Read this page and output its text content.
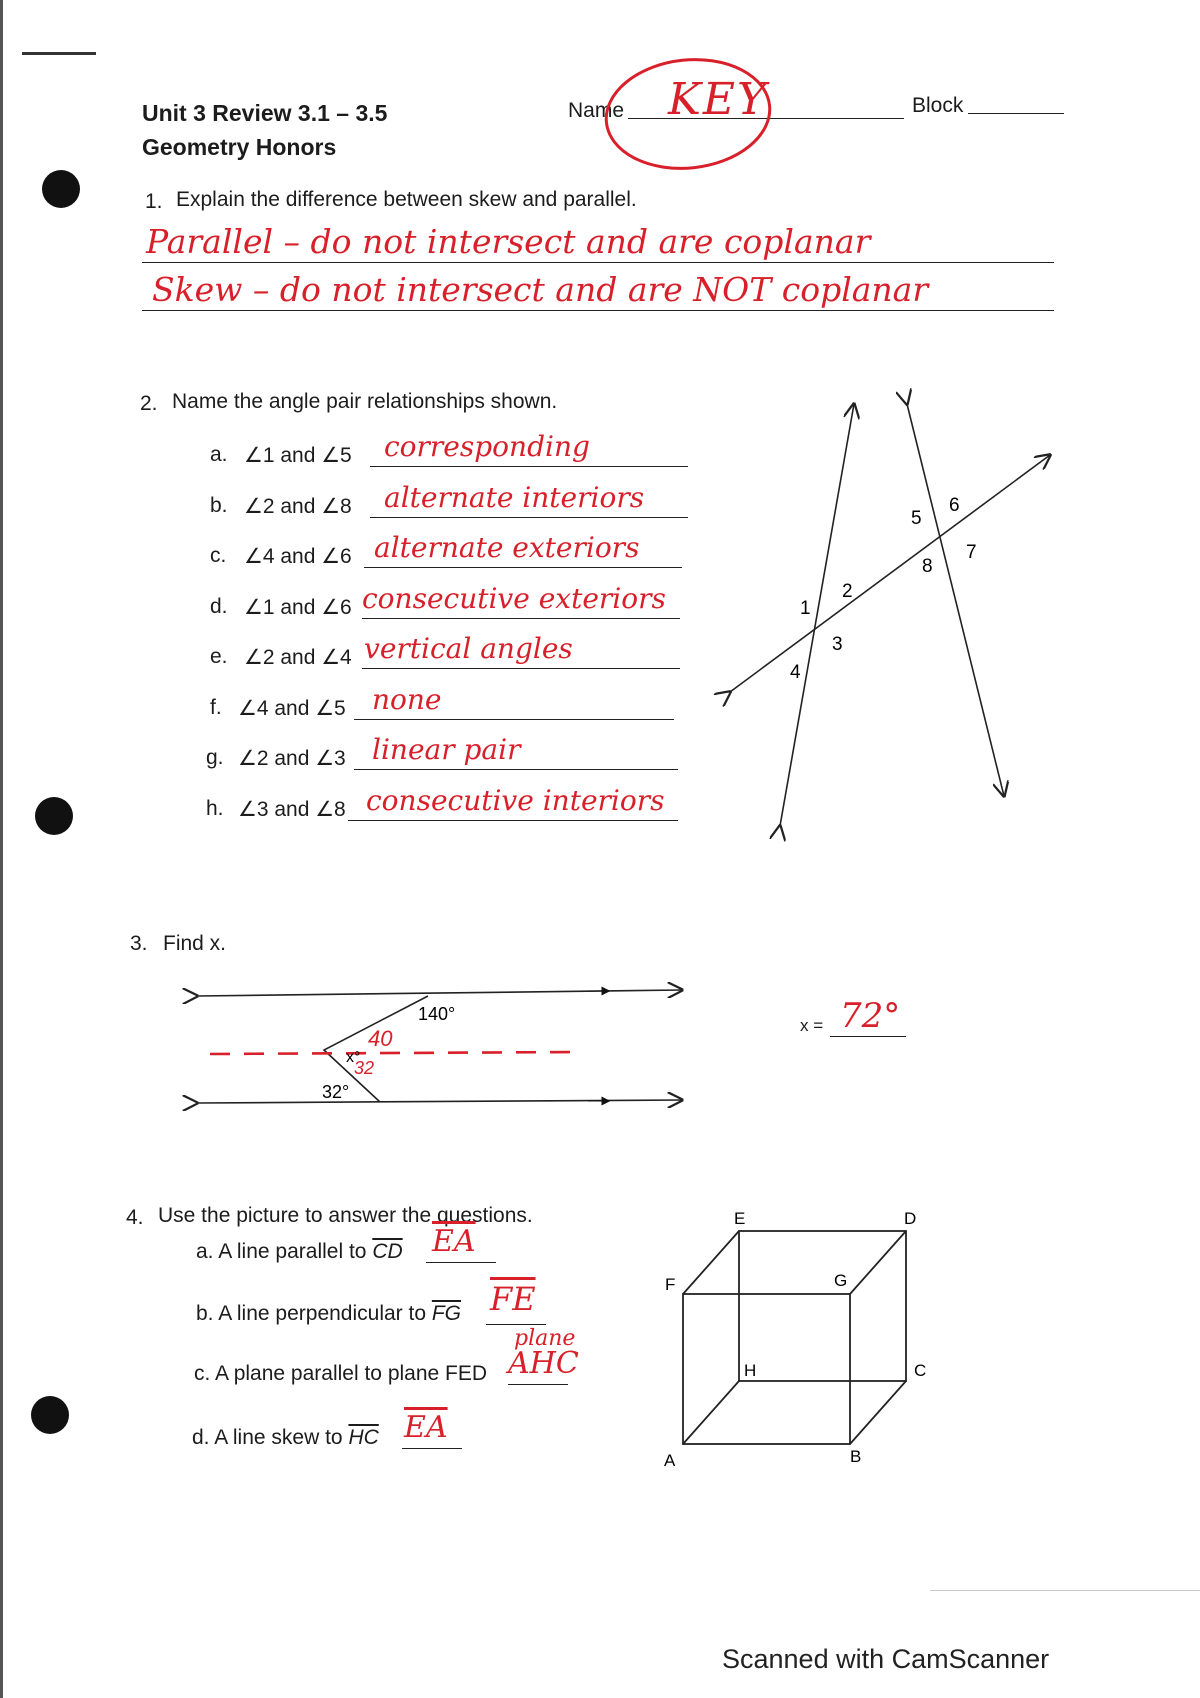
Unit 3 Review 3.1 – 3.5
Geometry Honors
Name KEY	Block
1. Explain the difference between skew and parallel.
Parallel – do not intersect and are coplanar
Skew – do not intersect and are NOT coplanar
2. Name the angle pair relationships shown.
a. ∠1 and ∠5 corresponding
b. ∠2 and ∠8 alternate interiors
c. ∠4 and ∠6 alternate exteriors
d. ∠1 and ∠6 consecutive exteriors
e. ∠2 and ∠4 vertical angles
f. ∠4 and ∠5 none
g. ∠2 and ∠3 linear pair
h. ∠3 and ∠8 consecutive interiors
1
2
3
4
5
6
7
8
140°
32°
x°
40
32
E	D
F	G
H	C
A	B
3. Find x.
x = 72°
4. Use the picture to answer the questions.
a. A line parallel to $\overline{CD}$ $\overline{EA}$
b. A line perpendicular to $\overline{FG}$ $\overline{FE}$
c. A plane parallel to plane FED
plane
AHC
d. A line skew to $\overline{HC}$ $\overline{EA}$
Scanned with CamScanner
